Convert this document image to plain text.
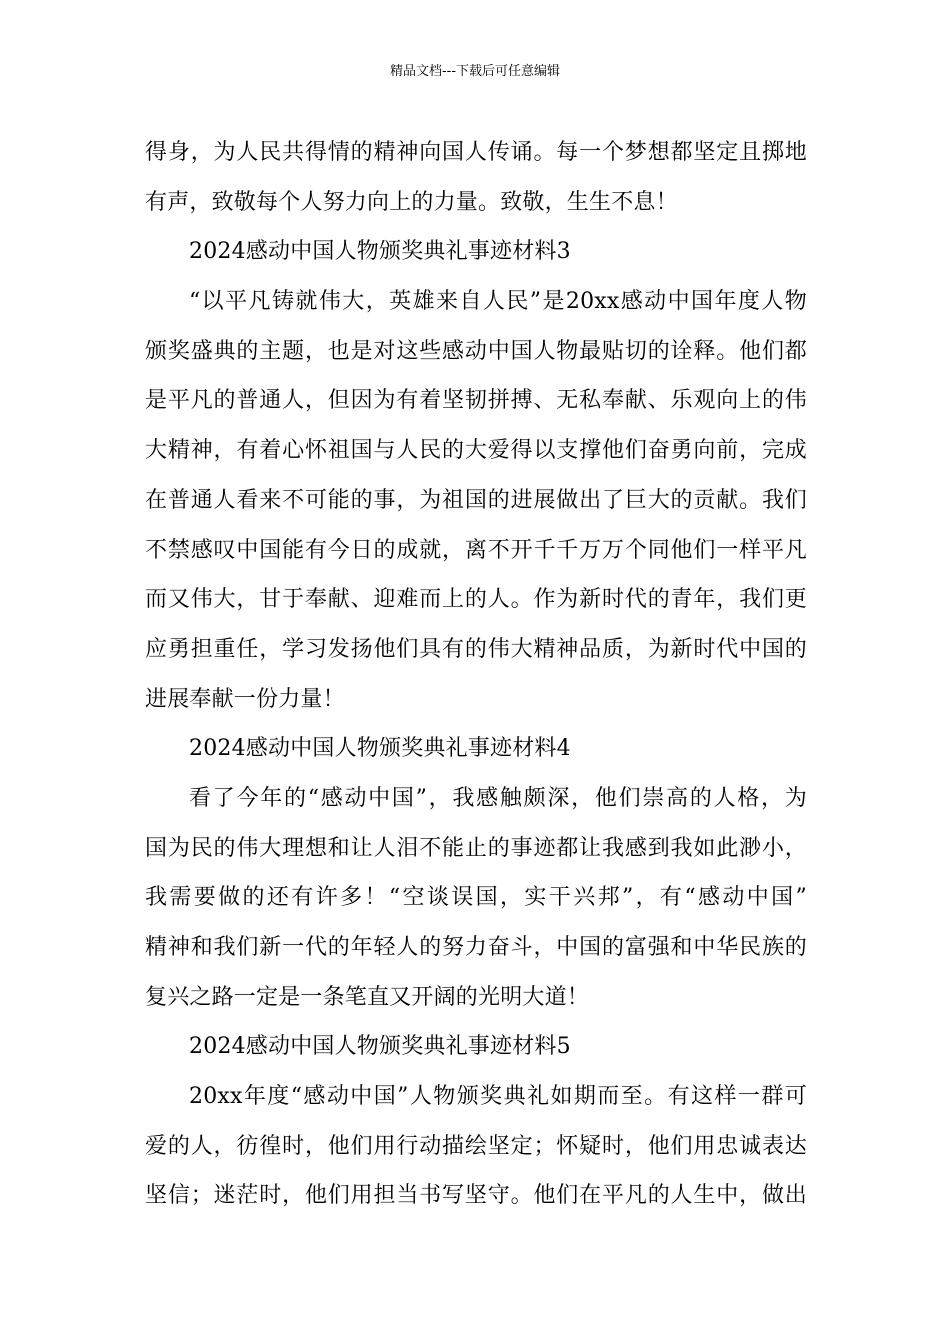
精品文档---下载后可任意编辑
得身，为人民共得情的精神向国人传诵。每一个梦想都坚定且掷地
有声，致敬每个人努力向上的力量。致敬，生生不息！
2024感动中国人物颁奖典礼事迹材料3
“以平凡铸就伟大，英雄来自人民”是20xx感动中国年度人物
颁奖盛典的主题，也是对这些感动中国人物最贴切的诠释。他们都
是平凡的普通人，但因为有着坚韧拼搏、无私奉献、乐观向上的伟
大精神，有着心怀祖国与人民的大爱得以支撑他们奋勇向前，完成
在普通人看来不可能的事，为祖国的进展做出了巨大的贡献。我们
不禁感叹中国能有今日的成就，离不开千千万万个同他们一样平凡
而又伟大，甘于奉献、迎难而上的人。作为新时代的青年，我们更
应勇担重任，学习发扬他们具有的伟大精神品质，为新时代中国的
进展奉献一份力量！
2024感动中国人物颁奖典礼事迹材料4
看了今年的“感动中国”，我感触颇深，他们崇高的人格，为
国为民的伟大理想和让人泪不能止的事迹都让我感到我如此渺小，
我需要做的还有许多！“空谈误国，实干兴邦”，有“感动中国”
精神和我们新一代的年轻人的努力奋斗，中国的富强和中华民族的
复兴之路一定是一条笔直又开阔的光明大道！
2024感动中国人物颁奖典礼事迹材料5
20xx年度“感动中国”人物颁奖典礼如期而至。有这样一群可
爱的人，彷徨时，他们用行动描绘坚定；怀疑时，他们用忠诚表达
坚信；迷茫时，他们用担当书写坚守。他们在平凡的人生中，做出
